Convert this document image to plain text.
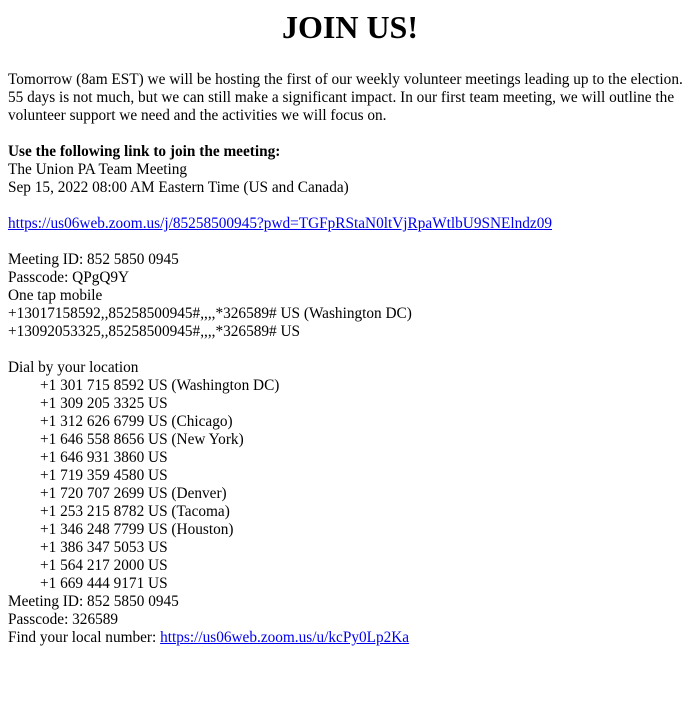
JOIN US!

Tomorrow (8am EST) we will be hosting the first of our weekly volunteer meetings leading up to the election. 55 days is not much, but we can still make a significant impact. In our first team meeting, we will outline the volunteer support we need and the activities we will focus on.

Use the following link to join the meeting:
The Union PA Team Meeting
Sep 15, 2022 08:00 AM Eastern Time (US and Canada)
https://us06web.zoom.us/j/85258500945?pwd=TGFpRStaN0ltVjRpaWtlbU9SNElndz09
Meeting ID: 852 5850 0945
Passcode: QPgQ9Y
One tap mobile
+13017158592,,85258500945#,,,,*326589# US (Washington DC)
+13092053325,,85258500945#,,,,*326589# US
Dial by your location
+1 301 715 8592 US (Washington DC)
+1 309 205 3325 US
+1 312 626 6799 US (Chicago)
+1 646 558 8656 US (New York)
+1 646 931 3860 US
+1 719 359 4580 US
+1 720 707 2699 US (Denver)
+1 253 215 8782 US (Tacoma)
+1 346 248 7799 US (Houston)
+1 386 347 5053 US
+1 564 217 2000 US
+1 669 444 9171 US
Meeting ID: 852 5850 0945
Passcode: 326589
Find your local number: https://us06web.zoom.us/u/kcPy0Lp2Ka
